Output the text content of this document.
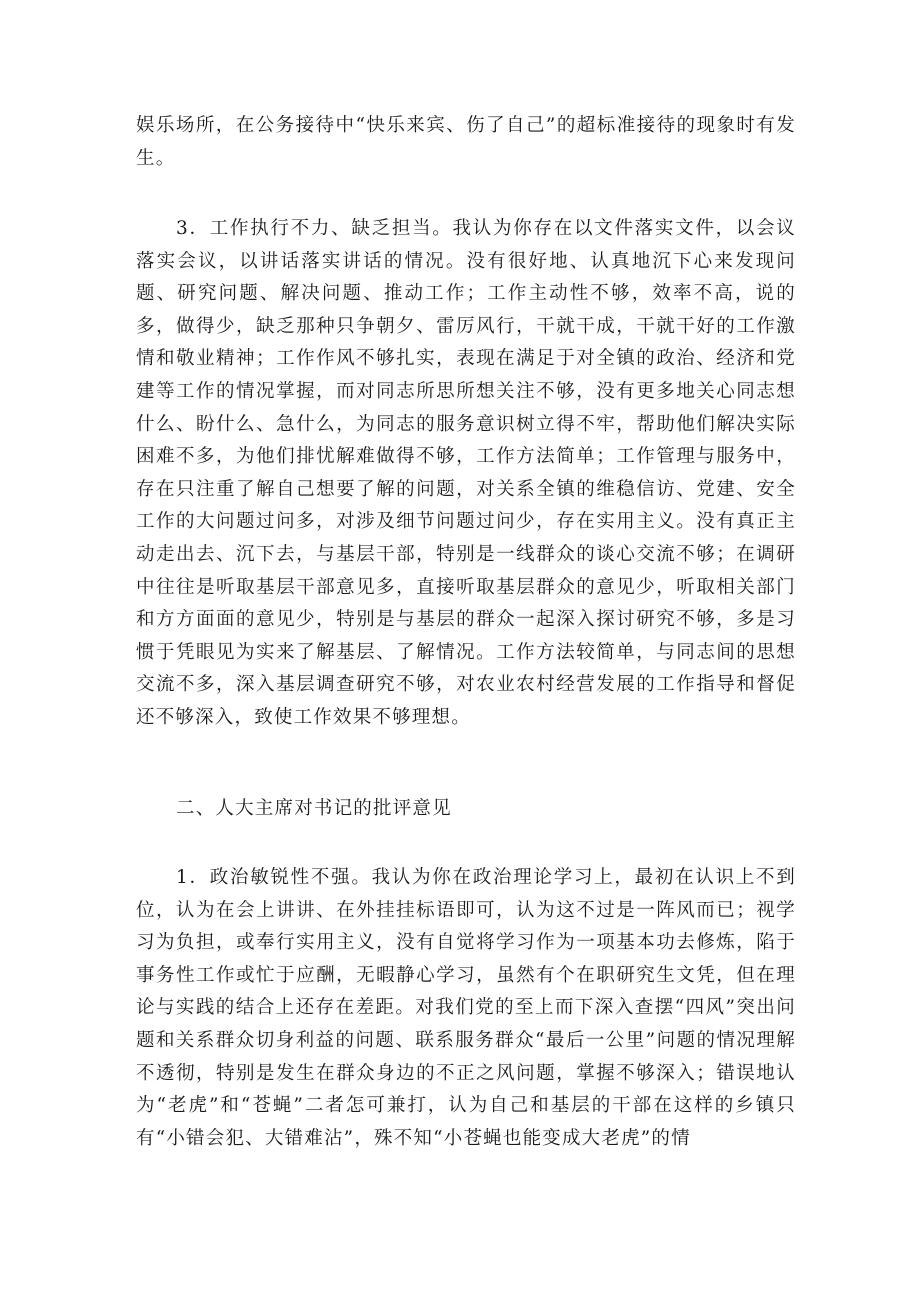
娱乐场所，在公务接待中“快乐来宾、伤了自己”的超标准接待的现象时有发生。

3．工作执行不力、缺乏担当。我认为你存在以文件落实文件，以会议落实会议，以讲话落实讲话的情况。没有很好地、认真地沉下心来发现问题、研究问题、解决问题、推动工作；工作主动性不够，效率不高，说的多，做得少，缺乏那种只争朝夕、雷厉风行，干就干成，干就干好的工作激情和敬业精神；工作作风不够扎实，表现在满足于对全镇的政治、经济和党建等工作的情况掌握，而对同志所思所想关注不够，没有更多地关心同志想什么、盼什么、急什么，为同志的服务意识树立得不牢，帮助他们解决实际困难不多，为他们排忧解难做得不够，工作方法简单；工作管理与服务中，存在只注重了解自己想要了解的问题，对关系全镇的维稳信访、党建、安全工作的大问题过问多，对涉及细节问题过问少，存在实用主义。没有真正主动走出去、沉下去，与基层干部，特别是一线群众的谈心交流不够；在调研中往往是听取基层干部意见多，直接听取基层群众的意见少，听取相关部门和方方面面的意见少，特别是与基层的群众一起深入探讨研究不够，多是习惯于凭眼见为实来了解基层、了解情况。工作方法较简单，与同志间的思想交流不多，深入基层调查研究不够，对农业农村经营发展的工作指导和督促还不够深入，致使工作效果不够理想。

二、人大主席对书记的批评意见

1．政治敏锐性不强。我认为你在政治理论学习上，最初在认识上不到位，认为在会上讲讲、在外挂挂标语即可，认为这不过是一阵风而已；视学习为负担，或奉行实用主义，没有自觉将学习作为一项基本功去修炼，陷于事务性工作或忙于应酬，无暇静心学习，虽然有个在职研究生文凭，但在理论与实践的结合上还存在差距。对我们党的至上而下深入查摆“四风”突出问题和关系群众切身利益的问题、联系服务群众“最后一公里”问题的情况理解不透彻，特别是发生在群众身边的不正之风问题，掌握不够深入；错误地认为“老虎”和“苍蝇”二者怎可兼打，认为自己和基层的干部在这样的乡镇只有“小错会犯、大错难沾”，殊不知“小苍蝇也能变成大老虎”的情
